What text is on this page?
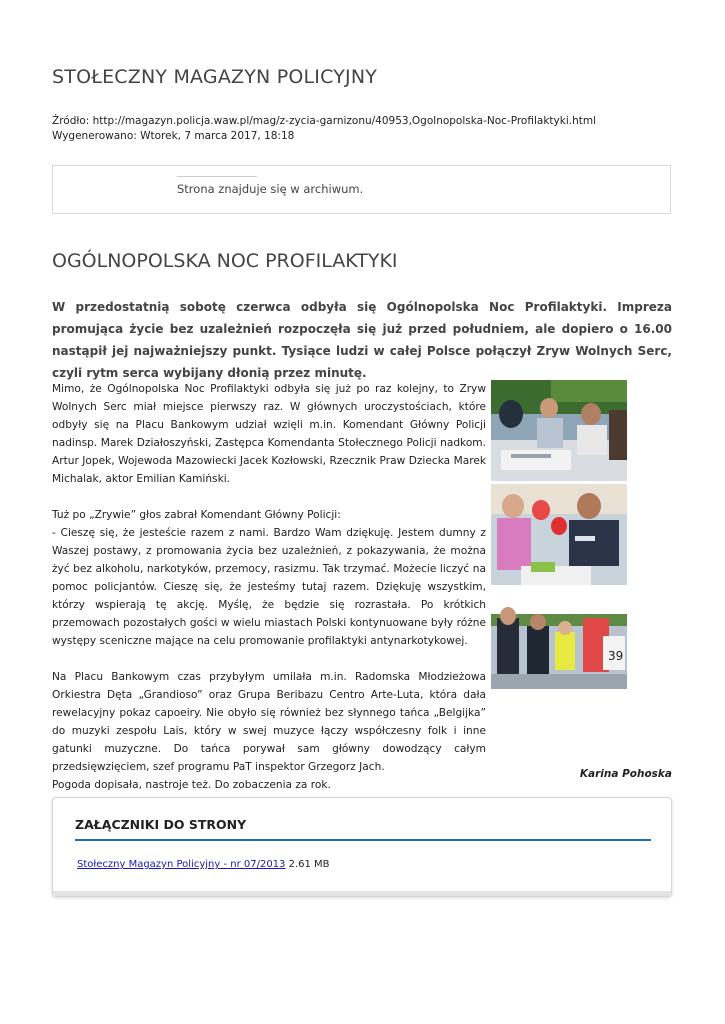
STOŁECZNY MAGAZYN POLICYJNY
Źródło: http://magazyn.policja.waw.pl/mag/z-zycia-garnizonu/40953,Ogolnopolska-Noc-Profilaktyki.html
Wygenerowano: Wtorek, 7 marca 2017, 18:18
Strona znajduje się w archiwum.
OGÓLNOPOLSKA NOC PROFILAKTYKI

W przedostatnią sobotę czerwca odbyła się Ogólnopolska Noc Profilaktyki. Impreza promująca życie bez uzależnień rozpoczęła się już przed południem, ale dopiero o 16.00 nastąpił jej najważniejszy punkt. Tysiące ludzi w całej Polsce połączył Zryw Wolnych Serc, czyli rytm serca wybijany dłonią przez minutę.

Mimo, że Ogólnopolska Noc Profilaktyki odbyła się już po raz kolejny, to Zryw Wolnych Serc miał miejsce pierwszy raz. W głównych uroczystościach, które odbyły się na Placu Bankowym udział wzięli m.in. Komendant Główny Policji nadinsp. Marek Działoszyński, Zastępca Komendanta Stołecznego Policji nadkom. Artur Jopek, Wojewoda Mazowiecki Jacek Kozłowski, Rzecznik Praw Dziecka Marek Michalak, aktor Emilian Kamiński.

Tuż po „Zrywie” głos zabrał Komendant Główny Policji:
- Cieszę się, że jesteście razem z nami. Bardzo Wam dziękuję. Jestem dumny z Waszej postawy, z promowania życia bez uzależnień, z pokazywania, że można żyć bez alkoholu, narkotyków, przemocy, rasizmu. Tak trzymać. Możecie liczyć na pomoc policjantów. Cieszę się, że jesteśmy tutaj razem. Dziękuję wszystkim, którzy wspierają tę akcję. Myślę, że będzie się rozrastała. Po krótkich przemowach pozostałych gości w wielu miastach Polski kontynuowane były różne występy sceniczne mające na celu promowanie profilaktyki antynarkotykowej.

Na Placu Bankowym czas przybyłym umilała m.in. Radomska Młodzieżowa Orkiestra Dęta „Grandioso” oraz Grupa Beribazu Centro Arte-Luta, która dała rewelacyjny pokaz capoeiry. Nie obyło się również bez słynnego tańca „Belgijka” do muzyki zespołu Lais, który w swej muzyce łączy współczesny folk i inne gatunki muzyczne. Do tańca porywał sam główny dowodzący całym przedsięwzięciem, szef programu PaT inspektor Grzegorz Jach.
Pogoda dopisała, nastroje też. Do zobaczenia za rok.

39
Karina Pohoska
ZAŁĄCZNIKI DO STRONY
Stołeczny Magazyn Policyjny - nr 07/2013 2.61 MB
